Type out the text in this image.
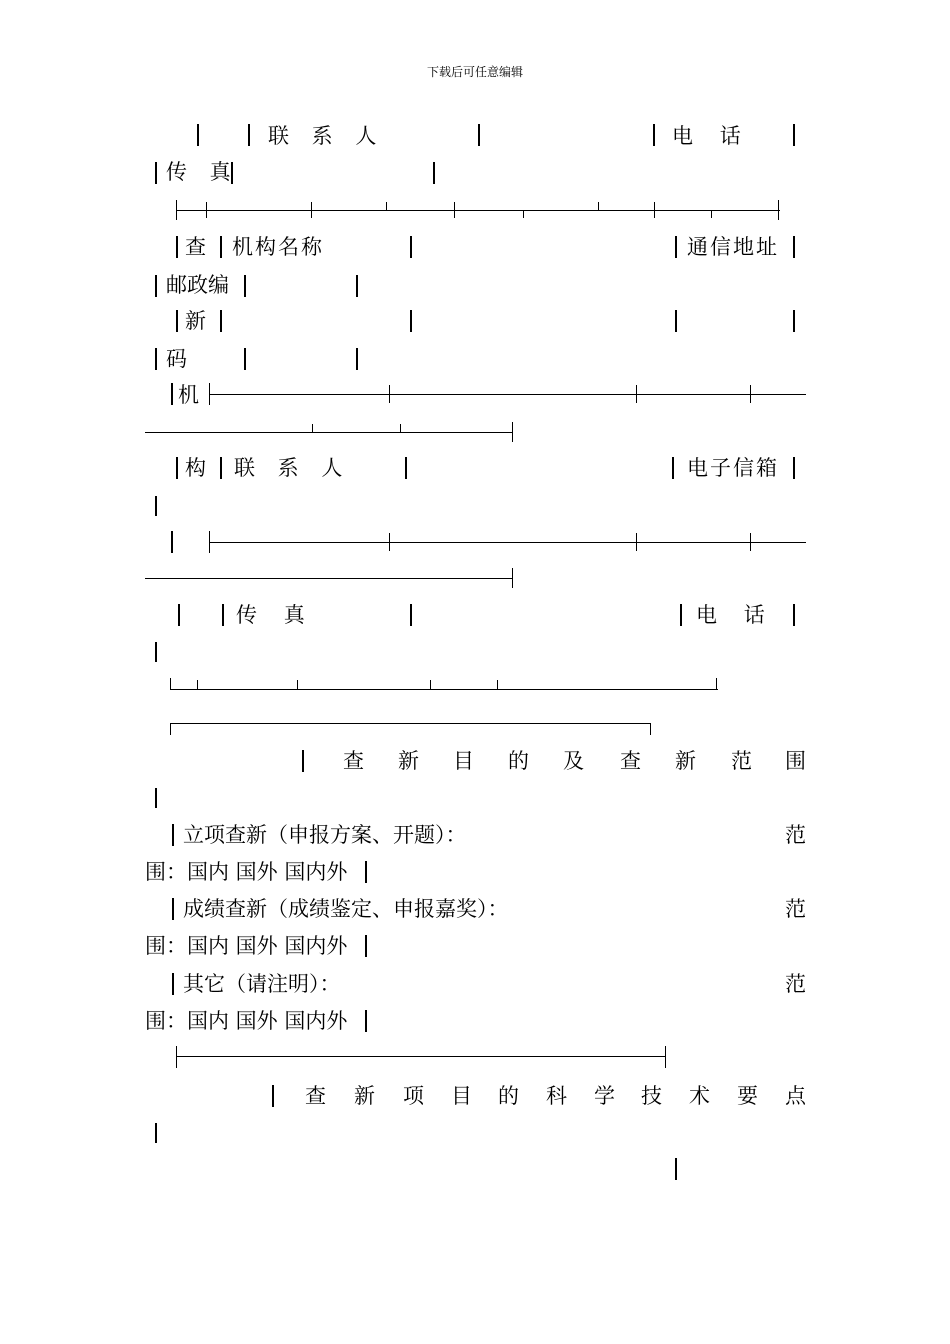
下载后可任意编辑
联 系 人	电    话
传 真
查 机构名称	通信地址
邮政编
新
码
机
构 联 系 人	电子信箱
传    真	电    话
查 新 目 的 及 查 新 范 围
立项查新（申报方案、开题）：	范
围：国内 国外 国内外
成绩查新（成绩鉴定、申报嘉奖）：	范
围：国内 国外 国内外
其它（请注明）：	范
围：国内 国外 国内外
查 新 项 目 的 科 学 技 术 要 点
